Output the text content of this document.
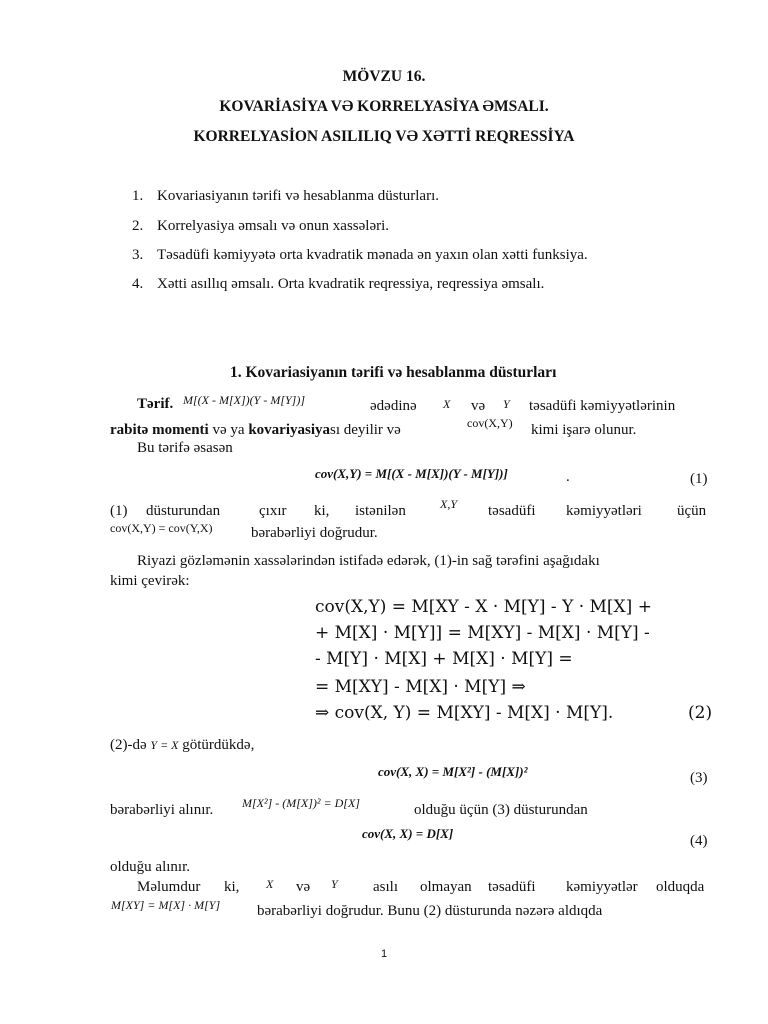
MÖVZU 16.
KOVARİASİYA VƏ KORRELYASİYA ƏMSALI.
KORRELYASİON ASILILIQ VƏ XƏTTİ REQRESSİYA
1. Kovariasiyanın tərifi və hesablanma düsturları.
2. Korrelyasiya əmsalı və onun xassələri.
3. Təsadüfi kəmiyyətə orta kvadratik mənada ən yaxın olan xətti funksiya.
4. Xətti asıllıq əmsalı. Orta kvadratik reqressiya, reqressiya əmsalı.
1. Kovariasiyanın tərifi və hesablanma düsturları
Tərif. M[(X - M[X])(Y - M[Y])]	ədədinə X və Y təsadüfi kəmiyyətlərinin
rabitə momenti və ya kovariyasiyası deyilir və	cov(X,Y) kimi işarə olunur.
Bu tərifə əsasən
cov(X,Y) = M[(X - M[X])(Y - M[Y])]	.	(1)
(1) düsturundan	çıxır ki, istənilən	X,Y təsadüfi kəmiyyətləri üçün
cov(X,Y) = cov(Y,X)	bərabərliyi doğrudur.
Riyazi gözləmənin xassələrindən istifadə edərək, (1)-in sağ tərəfini aşağıdakı
kimi çevirək:
cov(X,Y) = M[XY - X · M[Y] - Y · M[X] +
+ M[X] · M[Y]] = M[XY] - M[X] · M[Y] -
- M[Y] · M[X] + M[X] · M[Y] =
= M[XY] - M[X] · M[Y] ⇒
⇒ cov(X, Y) = M[XY] - M[X] · M[Y].	(2)
(2)-də Y = X götürdükdə,
cov(X, X) = M[X²] - (M[X])²	(3)
bərabərliyi alınır. M[X²] - (M[X])² = D[X]	olduğu üçün (3) düsturundan
cov(X, X) = D[X]	(4)
olduğu alınır.
Məlumdur ki, X və Y asılı olmayan təsadüfi kəmiyyətlər olduqda
M[XY] = M[X] · M[Y] bərabərliyi doğrudur. Bunu (2) düsturunda nəzərə aldıqda
1
